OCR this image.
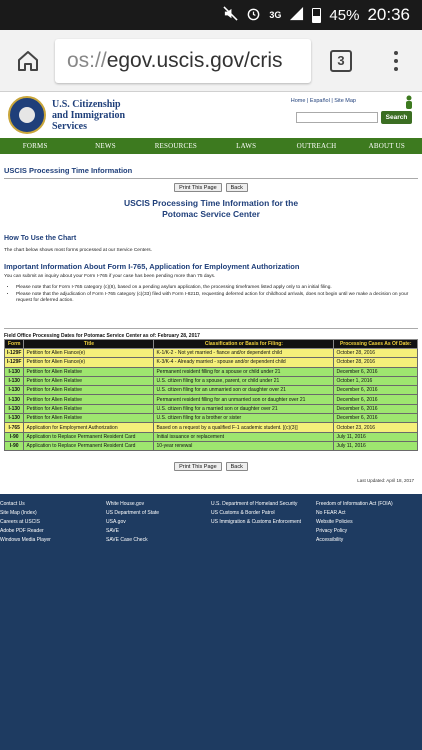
3G	45% 20:36
os:// egov.uscis.gov/cris	3
U.S. Citizenship
and Immigration
Services
Home | Español | Site Map
Search
FORMS	NEWS	RESOURCES	LAWS	OUTREACH	ABOUT US
USCIS Processing Time Information
Print This Page	Back
USCIS Processing Time Information for the
Potomac Service Center
How To Use the Chart
The chart below shows most forms processed at our Service Centers.
Important Information About Form I-765, Application for Employment Authorization
You can submit an inquiry about your Form I-765 if your case has been pending more than 75 days.
• Please note that for Form I-765 category (c)(8), based on a pending asylum application, the processing timeframes listed apply only to an initial filing.
• Please note that the adjudication of Form I-765 category (c)(33) filed with Form I-821D, requesting deferred action for childhood arrivals, does not begin until we make a decision on your request for deferred action.
Field Office Processing Dates for Potomac Service Center as of: February 28, 2017
Form	Title	Classification or Basis for Filing:	Processing Cases As Of Date:
I-129F	Petition for Alien Fiance(e)	K-1/K-2 - Not yet married - fiance and/or dependent child	October 28, 2016
I-129F	Petition for Alien Fiance(e)	K-3/K-4 - Already married - spouse and/or dependent child	October 28, 2016
I-130	Petition for Alien Relative	Permanent resident filling for a spouse or child under 21	December 6, 2016
I-130	Petition for Alien Relative	U.S. citizen filing for a spouse, parent, or child under 21	October 1, 2016
I-130	Petition for Alien Relative	U.S. citizen filing for an unmarried son or daughter over 21	December 6, 2016
I-130	Petition for Alien Relative	Permanent resident filling for an unmarried son or daughter over 21	December 6, 2016
I-130	Petition for Alien Relative	U.S. citizen filing for a married son or daughter over 21	December 6, 2016
I-130	Petition for Alien Relative	U.S. citizen filing for a brother or sister	December 6, 2016
I-765	Application for Employment Authorization	Based on a request by a qualified F-1 academic student. [(c)(3)]	October 23, 2016
I-90	Application to Replace Permanent Resident Card	Initial issuance or replacement	July 11, 2016
I-90	Application to Replace Permanent Resident Card	10-year renewal	July 11, 2016
Print This Page	Back
Last Updated: April 18, 2017
Contact Us
Site Map (Index)
Careers at USCIS
Adobe PDF Reader
Windows Media Player
White House.gov
US Department of State
USA.gov
SAVE
SAVE Case Check
U.S. Department of Homeland Security
US Customs & Border Patrol
US Immigration & Customs Enforcement
Freedom of Information Act (FOIA)
No FEAR Act
Website Policies
Privacy Policy
Accessibility
